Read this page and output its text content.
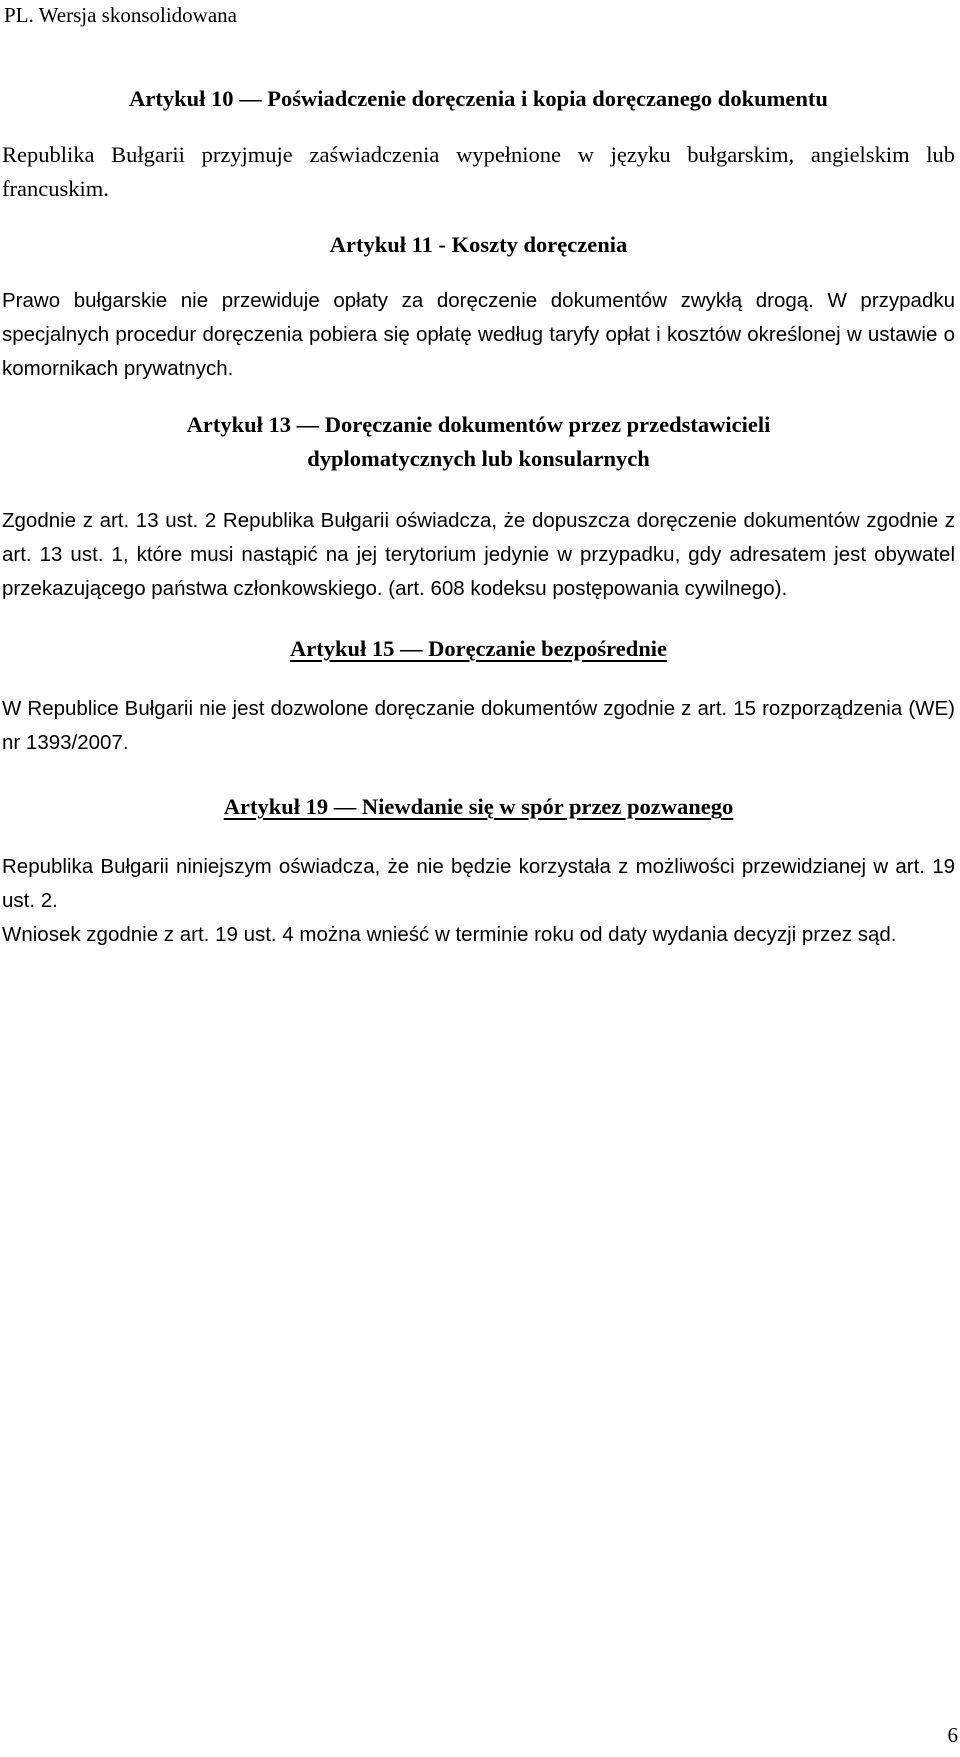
PL. Wersja skonsolidowana

Artykuł 10 — Poświadczenie doręczenia i kopia doręczanego dokumentu

Republika Bułgarii przyjmuje zaświadczenia wypełnione w języku bułgarskim, angielskim lub francuskim.

Artykuł 11 - Koszty doręczenia

Prawo bułgarskie nie przewiduje opłaty za doręczenie dokumentów zwykłą drogą. W przypadku specjalnych procedur doręczenia pobiera się opłatę według taryfy opłat i kosztów określonej w ustawie o komornikach prywatnych.

Artykuł 13 — Doręczanie dokumentów przez przedstawicieli dyplomatycznych lub konsularnych

Zgodnie z art. 13 ust. 2 Republika Bułgarii oświadcza, że dopuszcza doręczenie dokumentów zgodnie z art. 13 ust. 1, które musi nastąpić na jej terytorium jedynie w przypadku, gdy adresatem jest obywatel przekazującego państwa członkowskiego. (art. 608 kodeksu postępowania cywilnego).

Artykuł 15 — Doręczanie bezpośrednie

W Republice Bułgarii nie jest dozwolone doręczanie dokumentów zgodnie z art. 15 rozporządzenia (WE) nr 1393/2007.

Artykuł 19 — Niewdanie się w spór przez pozwanego

Republika Bułgarii niniejszym oświadcza, że nie będzie korzystała z możliwości przewidzianej w art. 19 ust. 2.

Wniosek zgodnie z art. 19 ust. 4 można wnieść w terminie roku od daty wydania decyzji przez sąd.

6
